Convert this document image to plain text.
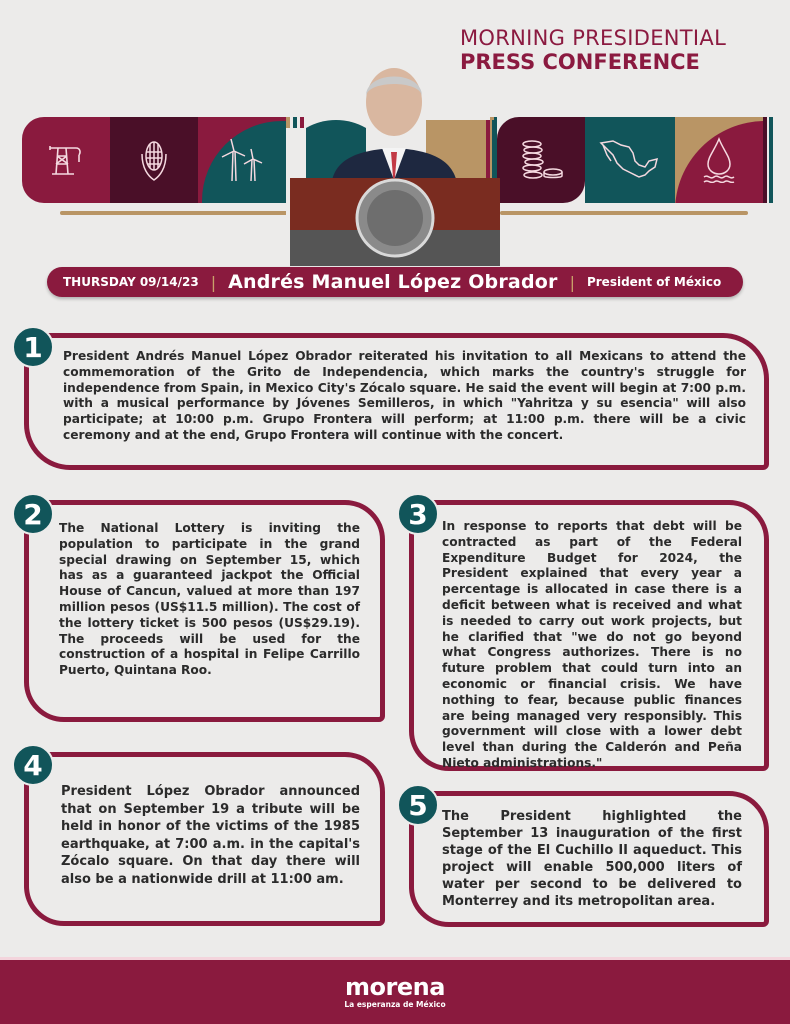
MORNING PRESIDENTIAL
PRESS CONFERENCE
THURSDAY 09/14/23 | Andrés Manuel López Obrador | President of México
1	President Andrés Manuel López Obrador reiterated his invitation to all Mexicans to attend the commemoration of the Grito de Independencia, which marks the country's struggle for independence from Spain, in Mexico City's Zócalo square. He said the event will begin at 7:00 p.m. with a musical performance by Jóvenes Semilleros, in which "Yahritza y su esencia" will also participate; at 10:00 p.m. Grupo Frontera will perform; at 11:00 p.m. there will be a civic ceremony and at the end, Grupo Frontera will continue with the concert.

2	The National Lottery is inviting the population to participate in the grand special drawing on September 15, which has as a guaranteed jackpot the Official House of Cancun, valued at more than 197 million pesos (US$11.5 million). The cost of the lottery ticket is 500 pesos (US$29.19). The proceeds will be used for the construction of a hospital in Felipe Carrillo Puerto, Quintana Roo.

3	In response to reports that debt will be contracted as part of the Federal Expenditure Budget for 2024, the President explained that every year a percentage is allocated in case there is a deficit between what is received and what is needed to carry out work projects, but he clarified that "we do not go beyond what Congress authorizes. There is no future problem that could turn into an economic or financial crisis. We have nothing to fear, because public finances are being managed very responsibly. This government will close with a lower debt level than during the Calderón and Peña Nieto administrations."

4

President López Obrador announced that on September 19 a tribute will be held in honor of the victims of the 1985 earthquake, at 7:00 a.m. in the capital's Zócalo square. On that day there will also be a nationwide drill at 11:00 am.

5	The President highlighted the September 13 inauguration of the first stage of the El Cuchillo II aqueduct. This project will enable 500,000 liters of water per second to be delivered to Monterrey and its metropolitan area.

morena
La esperanza de México
